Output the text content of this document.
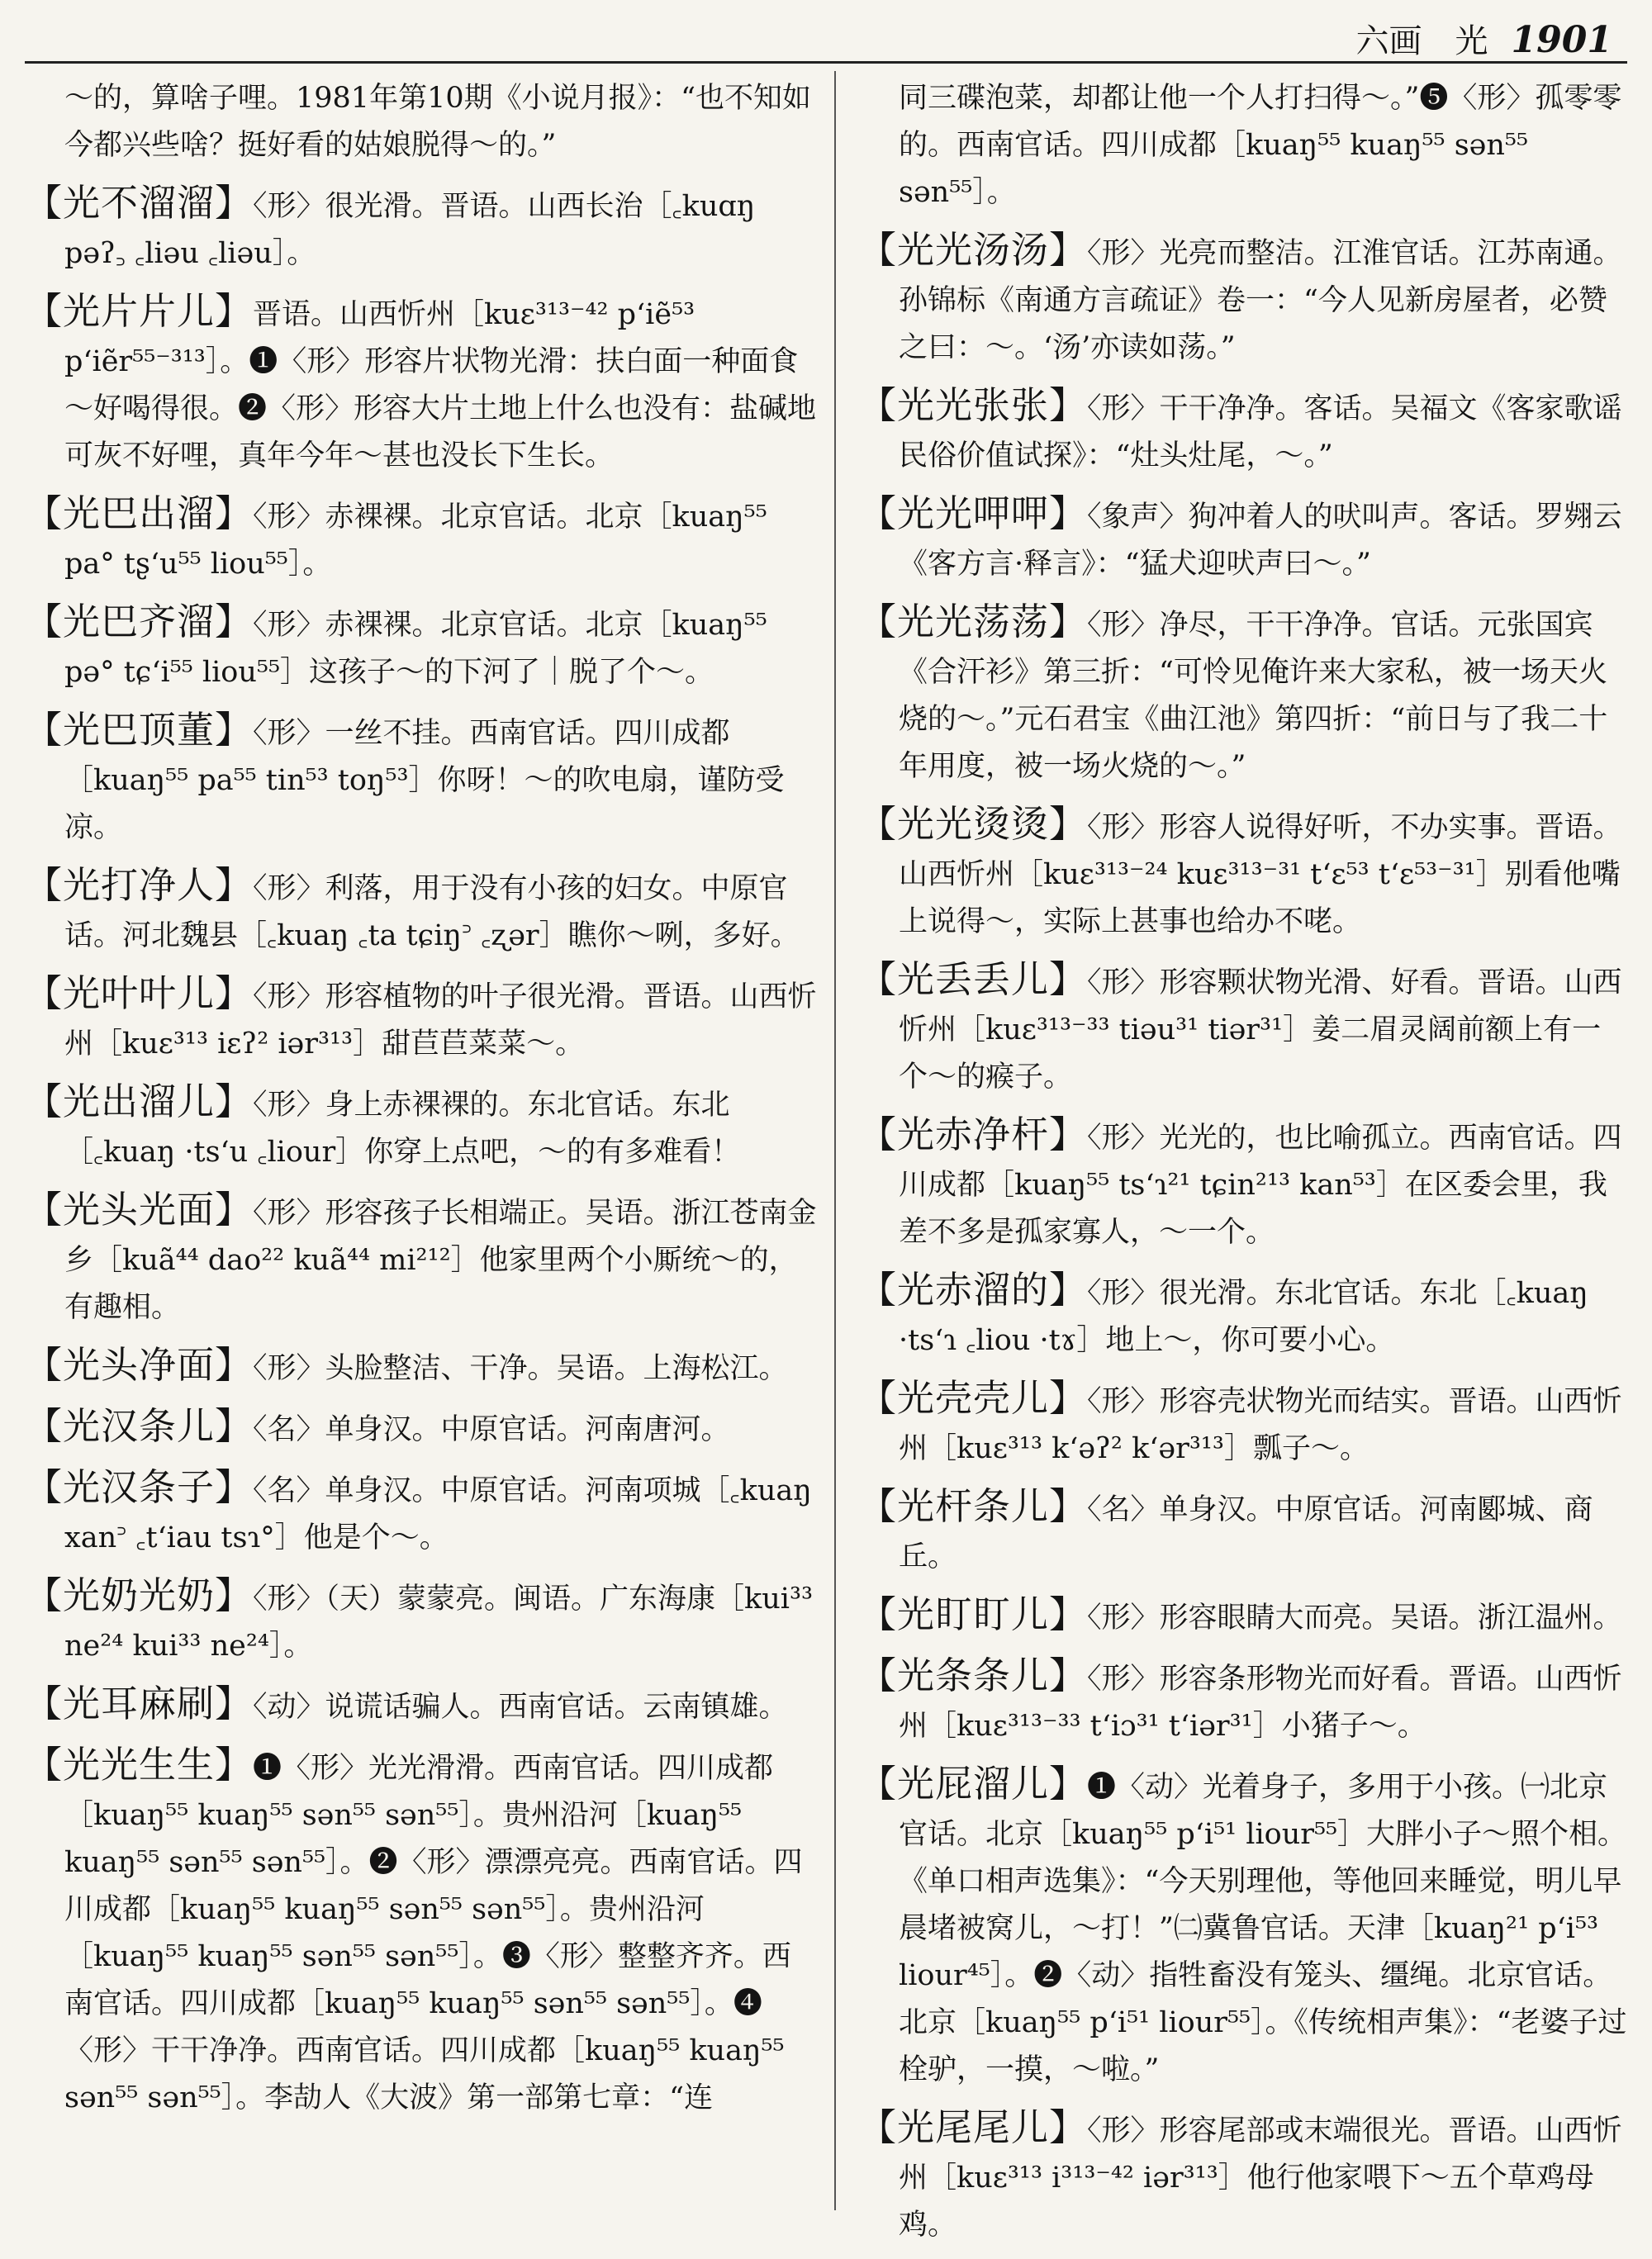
六画　光 1901
～的，算啥子哩。1981年第10期《小说月报》：“也不知如今都兴些啥？挺好看的姑娘脱得～的。”
【光不溜溜】〈形〉很光滑。晋语。山西长治［꜀kuɑŋ pəʔ꜆ ꜀liəu ꜀liəu］。
【光片片儿】晋语。山西忻州［kuɛ³¹³⁻⁴² pʻiẽ⁵³ pʻiẽr⁵⁵⁻³¹³］。❶〈形〉形容片状物光滑：扶白面一种面食～好喝得很。❷〈形〉形容大片土地上什么也没有：盐碱地可灰不好哩，真年今年～甚也没长下生长。
【光巴出溜】〈形〉赤裸裸。北京官话。北京［kuaŋ⁵⁵ pa° tʂʻu⁵⁵ liou⁵⁵］。
【光巴齐溜】〈形〉赤裸裸。北京官话。北京［kuaŋ⁵⁵ pə° tɕʻi⁵⁵ liou⁵⁵］这孩子～的下河了｜脱了个～。
【光巴顶董】〈形〉一丝不挂。西南官话。四川成都［kuaŋ⁵⁵ pa⁵⁵ tin⁵³ toŋ⁵³］你呀！～的吹电扇，谨防受凉。
【光打净人】〈形〉利落，用于没有小孩的妇女。中原官话。河北魏县［꜀kuaŋ ꜀ta tɕiŋ꜄ ꜀ʐər］瞧你～咧，多好。
【光叶叶儿】〈形〉形容植物的叶子很光滑。晋语。山西忻州［kuɛ³¹³ iɛʔ² iər³¹³］甜苣苣菜菜～。
【光出溜儿】〈形〉身上赤裸裸的。东北官话。东北［꜀kuaŋ ·tsʻu ꜀liour］你穿上点吧，～的有多难看！
【光头光面】〈形〉形容孩子长相端正。吴语。浙江苍南金乡［kuã⁴⁴ dao²² kuã⁴⁴ mi²¹²］他家里两个小厮统～的，有趣相。
【光头净面】〈形〉头脸整洁、干净。吴语。上海松江。
【光汉条儿】〈名〉单身汉。中原官话。河南唐河。
【光汉条子】〈名〉单身汉。中原官话。河南项城［꜀kuaŋ xan꜄ ꜀tʻiau tsɿ°］他是个～。
【光奶光奶】〈形〉（天）蒙蒙亮。闽语。广东海康［kui³³ ne²⁴ kui³³ ne²⁴］。
【光耳麻刷】〈动〉说谎话骗人。西南官话。云南镇雄。
【光光生生】❶〈形〉光光滑滑。西南官话。四川成都［kuaŋ⁵⁵ kuaŋ⁵⁵ sən⁵⁵ sən⁵⁵］。贵州沿河［kuaŋ⁵⁵ kuaŋ⁵⁵ sən⁵⁵ sən⁵⁵］。❷〈形〉漂漂亮亮。西南官话。四川成都［kuaŋ⁵⁵ kuaŋ⁵⁵ sən⁵⁵ sən⁵⁵］。贵州沿河［kuaŋ⁵⁵ kuaŋ⁵⁵ sən⁵⁵ sən⁵⁵］。❸〈形〉整整齐齐。西南官话。四川成都［kuaŋ⁵⁵ kuaŋ⁵⁵ sən⁵⁵ sən⁵⁵］。❹〈形〉干干净净。西南官话。四川成都［kuaŋ⁵⁵ kuaŋ⁵⁵ sən⁵⁵ sən⁵⁵］。李劼人《大波》第一部第七章：“连
同三碟泡菜，却都让他一个人打扫得～。”❺〈形〉孤零零的。西南官话。四川成都［kuaŋ⁵⁵ kuaŋ⁵⁵ sən⁵⁵ sən⁵⁵］。
【光光汤汤】〈形〉光亮而整洁。江淮官话。江苏南通。孙锦标《南通方言疏证》卷一：“今人见新房屋者，必赞之曰：～。‘汤’亦读如荡。”
【光光张张】〈形〉干干净净。客话。吴福文《客家歌谣民俗价值试探》：“灶头灶尾，～。”
【光光呷呷】〈象声〉狗冲着人的吠叫声。客话。罗翙云《客方言·释言》：“猛犬迎吠声曰～。”
【光光荡荡】〈形〉净尽，干干净净。官话。元张国宾《合汗衫》第三折：“可怜见俺许来大家私，被一场天火烧的～。”元石君宝《曲江池》第四折：“前日与了我二十年用度，被一场火烧的～。”
【光光烫烫】〈形〉形容人说得好听，不办实事。晋语。山西忻州［kuɛ³¹³⁻²⁴ kuɛ³¹³⁻³¹ tʻɛ⁵³ tʻɛ⁵³⁻³¹］别看他嘴上说得～，实际上甚事也给办不咾。
【光丢丢儿】〈形〉形容颗状物光滑、好看。晋语。山西忻州［kuɛ³¹³⁻³³ tiəu³¹ tiər³¹］姜二眉灵阔前额上有一个～的瘊子。
【光赤净杆】〈形〉光光的，也比喻孤立。西南官话。四川成都［kuaŋ⁵⁵ tsʻɿ²¹ tɕin²¹³ kan⁵³］在区委会里，我差不多是孤家寡人，～一个。
【光赤溜的】〈形〉很光滑。东北官话。东北［꜀kuaŋ ·tsʻɿ ꜀liou ·tɤ］地上～，你可要小心。
【光壳壳儿】〈形〉形容壳状物光而结实。晋语。山西忻州［kuɛ³¹³ kʻəʔ² kʻər³¹³］瓢子～。
【光杆条儿】〈名〉单身汉。中原官话。河南郾城、商丘。
【光盯盯儿】〈形〉形容眼睛大而亮。吴语。浙江温州。
【光条条儿】〈形〉形容条形物光而好看。晋语。山西忻州［kuɛ³¹³⁻³³ tʻiɔ³¹ tʻiər³¹］小猪子～。
【光屁溜儿】❶〈动〉光着身子，多用于小孩。㈠北京官话。北京［kuaŋ⁵⁵ pʻi⁵¹ liour⁵⁵］大胖小子～照个相。《单口相声选集》：“今天别理他，等他回来睡觉，明儿早晨堵被窝儿，～打！”㈡冀鲁官话。天津［kuaŋ²¹ pʻi⁵³ liour⁴⁵］。❷〈动〉指牲畜没有笼头、缰绳。北京官话。北京［kuaŋ⁵⁵ pʻi⁵¹ liour⁵⁵］。《传统相声集》：“老婆子过栓驴，一摸，～啦。”
【光尾尾儿】〈形〉形容尾部或末端很光。晋语。山西忻州［kuɛ³¹³ i³¹³⁻⁴² iər³¹³］他行他家喂下～五个草鸡母鸡。
